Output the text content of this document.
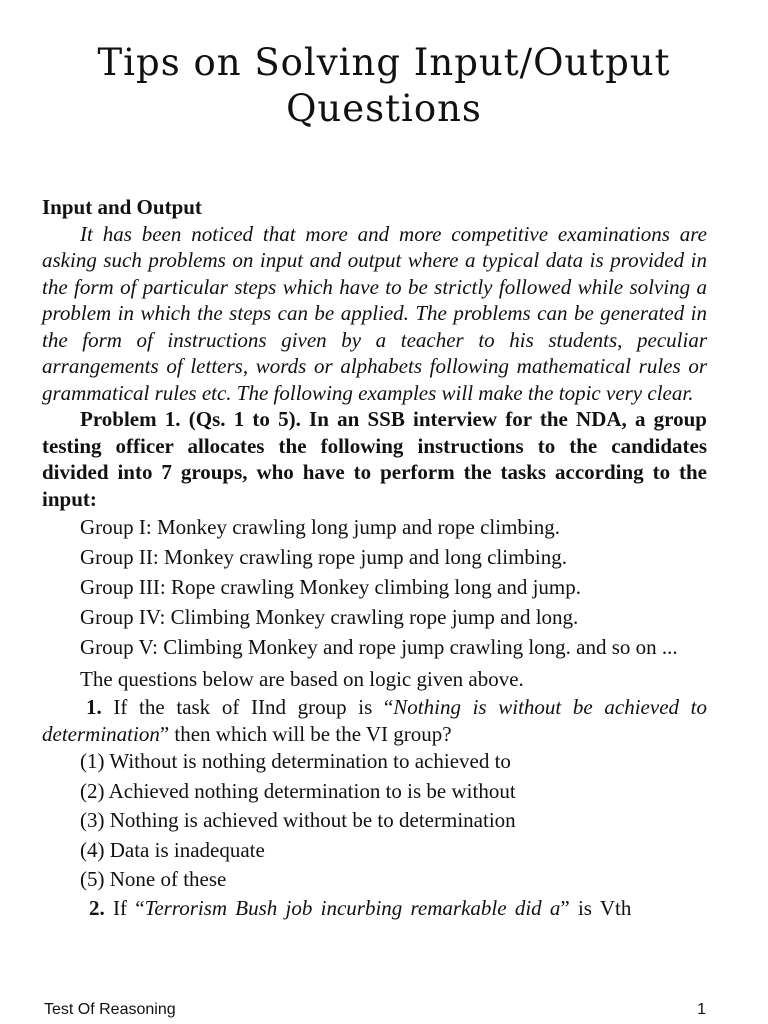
Tips on Solving Input/Output
Questions
Input and Output

It has been noticed that more and more competitive examinations are asking such problems on input and output where a typical data is provided in the form of particular steps which have to be strictly followed while solving a problem in which the steps can be applied. The problems can be generated in the form of instructions given by a teacher to his students, peculiar arrangements of letters, words or alphabets following mathematical rules or grammatical rules etc. The following examples will make the topic very clear.

Problem 1. (Qs. 1 to 5). In an SSB interview for the NDA, a group testing officer allocates the following instructions to the candidates divided into 7 groups, who have to perform the tasks according to the input:

Group I: Monkey crawling long jump and rope climbing.

Group II: Monkey crawling rope jump and long climbing.

Group III: Rope crawling Monkey climbing long and jump.

Group IV: Climbing Monkey crawling rope jump and long.

Group V: Climbing Monkey and rope jump crawling long. and so on ...

The questions below are based on logic given above.

1. If the task of IInd group is “Nothing is without be achieved to determination” then which will be the VI group?

(1) Without is nothing determination to achieved to

(2) Achieved nothing determination to is be without

(3) Nothing is achieved without be to determination

(4) Data is inadequate

(5) None of these

2. If “Terrorism Bush job incurbing remarkable did a” is Vth

Test Of Reasoning	1
